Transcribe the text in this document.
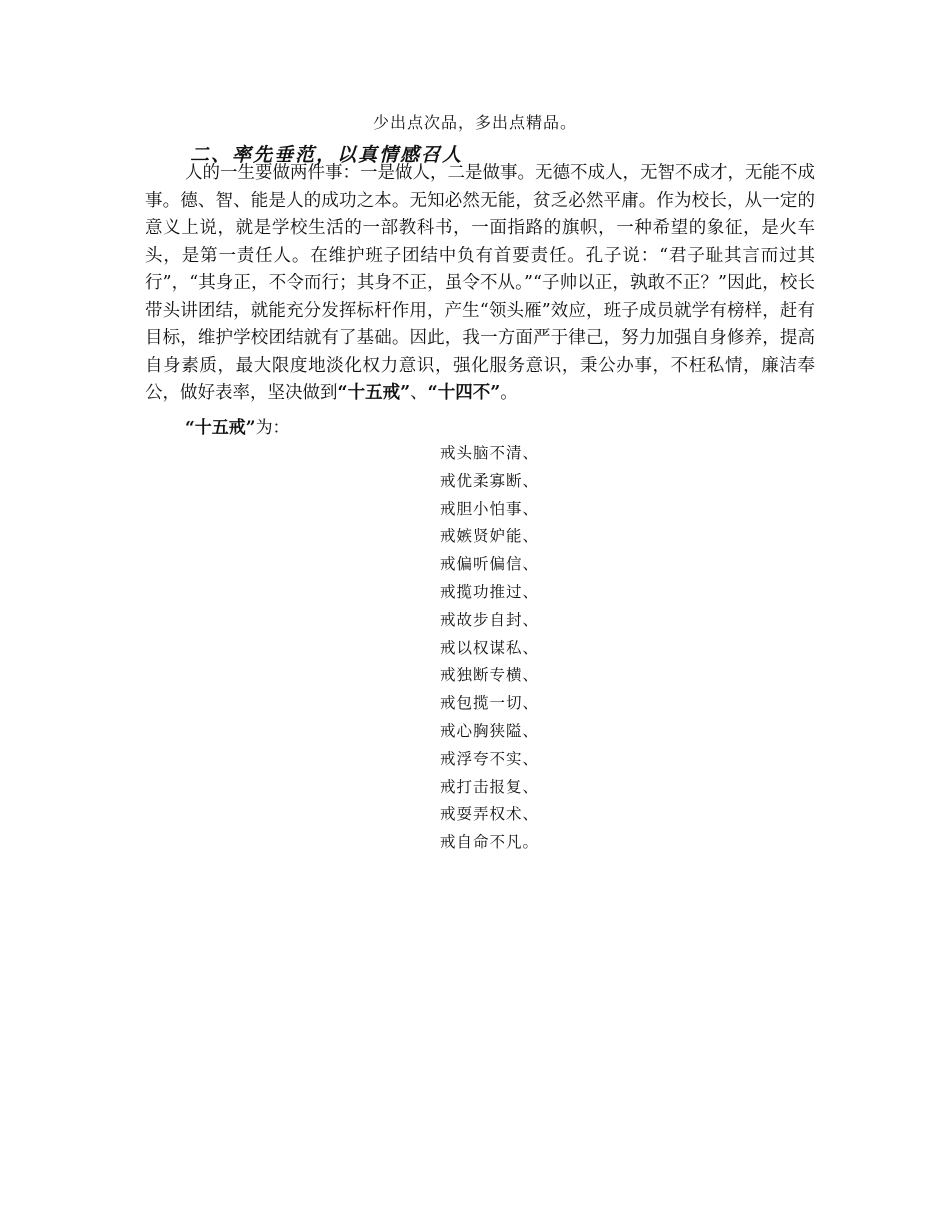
少出点次品，多出点精品。
二、率先垂范，以真情感召人
人的一生要做两件事：一是做人，二是做事。无德不成人，无智不成才，无能不成事。德、智、能是人的成功之本。无知必然无能，贫乏必然平庸。作为校长，从一定的意义上说，就是学校生活的一部教科书，一面指路的旗帜，一种希望的象征，是火车头，是第一责任人。在维护班子团结中负有首要责任。孔子说：“君子耻其言而过其行”，“其身正，不令而行；其身不正，虽令不从。”“子帅以正，孰敢不正？”因此，校长带头讲团结，就能充分发挥标杆作用，产生“领头雁”效应，班子成员就学有榜样，赶有目标，维护学校团结就有了基础。因此，我一方面严于律己，努力加强自身修养，提高自身素质，最大限度地淡化权力意识，强化服务意识，秉公办事，不枉私情，廉洁奉公，做好表率，坚决做到“十五戒”、“十四不”。
“十五戒”为：
戒头脑不清、
戒优柔寡断、
戒胆小怕事、
戒嫉贤妒能、
戒偏听偏信、
戒揽功推过、
戒故步自封、
戒以权谋私、
戒独断专横、
戒包揽一切、
戒心胸狭隘、
戒浮夸不实、
戒打击报复、
戒耍弄权术、
戒自命不凡。
